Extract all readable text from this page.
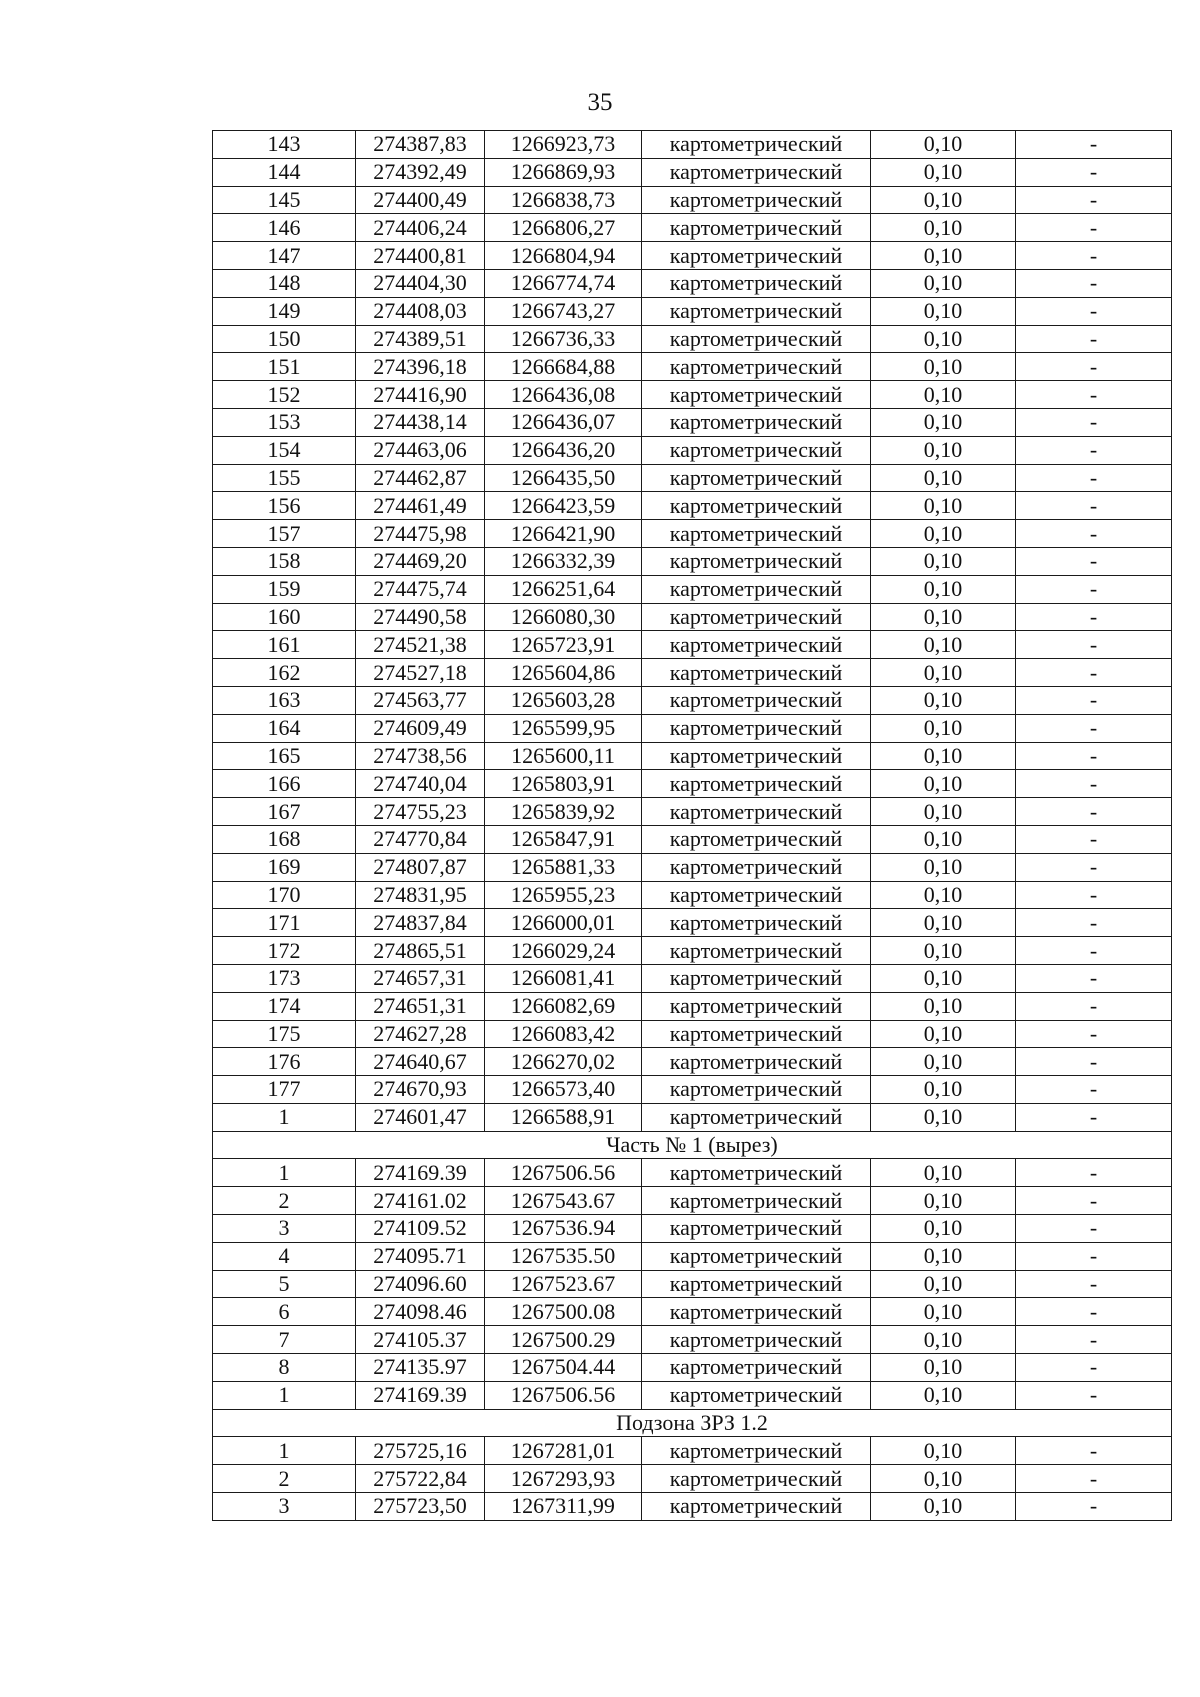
35
143	274387,83	1266923,73	картометрический	0,10	-
144	274392,49	1266869,93	картометрический	0,10	-
145	274400,49	1266838,73	картометрический	0,10	-
146	274406,24	1266806,27	картометрический	0,10	-
147	274400,81	1266804,94	картометрический	0,10	-
148	274404,30	1266774,74	картометрический	0,10	-
149	274408,03	1266743,27	картометрический	0,10	-
150	274389,51	1266736,33	картометрический	0,10	-
151	274396,18	1266684,88	картометрический	0,10	-
152	274416,90	1266436,08	картометрический	0,10	-
153	274438,14	1266436,07	картометрический	0,10	-
154	274463,06	1266436,20	картометрический	0,10	-
155	274462,87	1266435,50	картометрический	0,10	-
156	274461,49	1266423,59	картометрический	0,10	-
157	274475,98	1266421,90	картометрический	0,10	-
158	274469,20	1266332,39	картометрический	0,10	-
159	274475,74	1266251,64	картометрический	0,10	-
160	274490,58	1266080,30	картометрический	0,10	-
161	274521,38	1265723,91	картометрический	0,10	-
162	274527,18	1265604,86	картометрический	0,10	-
163	274563,77	1265603,28	картометрический	0,10	-
164	274609,49	1265599,95	картометрический	0,10	-
165	274738,56	1265600,11	картометрический	0,10	-
166	274740,04	1265803,91	картометрический	0,10	-
167	274755,23	1265839,92	картометрический	0,10	-
168	274770,84	1265847,91	картометрический	0,10	-
169	274807,87	1265881,33	картометрический	0,10	-
170	274831,95	1265955,23	картометрический	0,10	-
171	274837,84	1266000,01	картометрический	0,10	-
172	274865,51	1266029,24	картометрический	0,10	-
173	274657,31	1266081,41	картометрический	0,10	-
174	274651,31	1266082,69	картометрический	0,10	-
175	274627,28	1266083,42	картометрический	0,10	-
176	274640,67	1266270,02	картометрический	0,10	-
177	274670,93	1266573,40	картометрический	0,10	-
1	274601,47	1266588,91	картометрический	0,10	-
Часть № 1 (вырез)					
1	274169.39	1267506.56	картометрический	0,10	-
2	274161.02	1267543.67	картометрический	0,10	-
3	274109.52	1267536.94	картометрический	0,10	-
4	274095.71	1267535.50	картометрический	0,10	-
5	274096.60	1267523.67	картометрический	0,10	-
6	274098.46	1267500.08	картометрический	0,10	-
7	274105.37	1267500.29	картометрический	0,10	-
8	274135.97	1267504.44	картометрический	0,10	-
1	274169.39	1267506.56	картометрический	0,10	-
Подзона ЗРЗ 1.2					
1	275725,16	1267281,01	картометрический	0,10	-
2	275722,84	1267293,93	картометрический	0,10	-
3	275723,50	1267311,99	картометрический	0,10	-
